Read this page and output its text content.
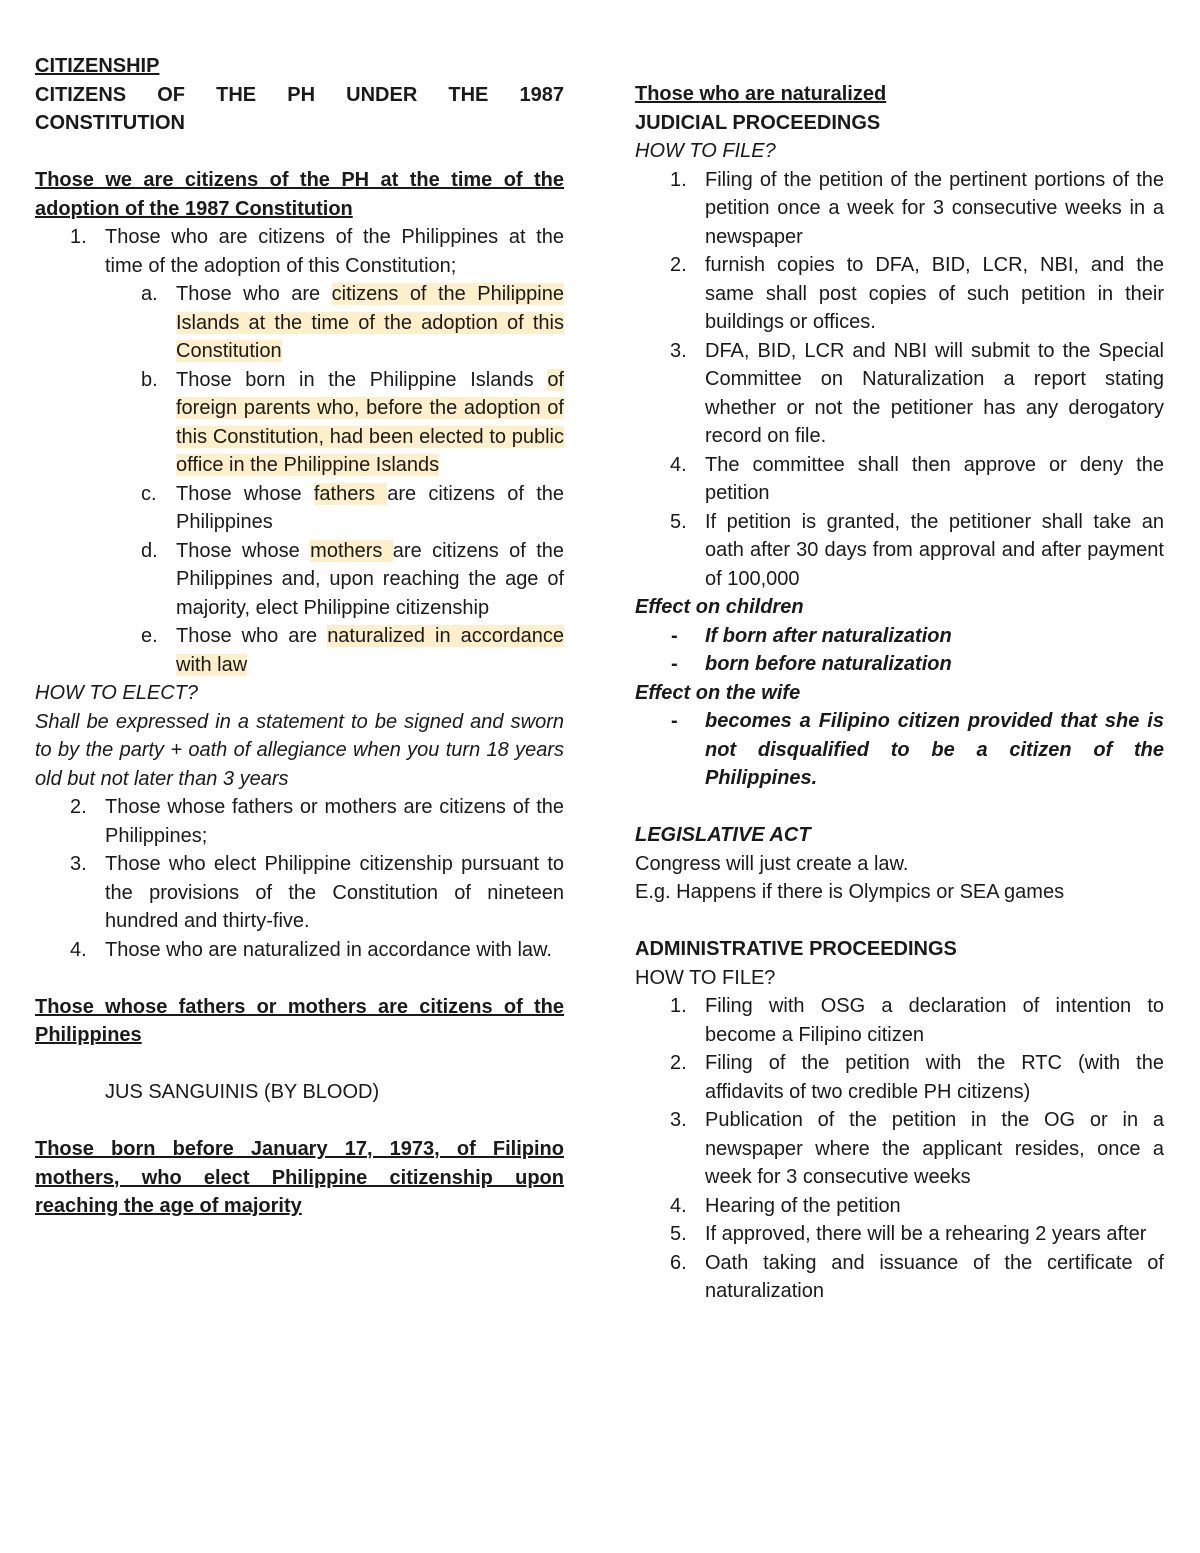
CITIZENSHIP

CITIZENS OF THE PH UNDER THE 1987

CONSTITUTION

Those we are citizens of the PH at the time of the

adoption of the 1987 Constitution

1. Those who are citizens of the Philippines at the time of the adoption of this Constitution;

a. Those who are citizens of the Philippine Islands at the time of the adoption of this Constitution

b. Those born in the Philippine Islands of foreign parents who, before the adoption of this Constitution, had been elected to public office in the Philippine Islands

c. Those whose fathers are citizens of the Philippines

d. Those whose mothers are citizens of the Philippines and, upon reaching the age of majority, elect Philippine citizenship

e. Those who are naturalized in accordance with law

HOW TO ELECT?

Shall be expressed in a statement to be signed and sworn to by the party + oath of allegiance when you turn 18 years old but not later than 3 years

2. Those whose fathers or mothers are citizens of the Philippines;

3. Those who elect Philippine citizenship pursuant to the provisions of the Constitution of nineteen hundred and thirty-five.

4. Those who are naturalized in accordance with law.

Those whose fathers or mothers are citizens of the

Philippines

JUS SANGUINIS (BY BLOOD)

Those born before January 17, 1973, of Filipino

mothers, who elect Philippine citizenship upon

reaching the age of majority

Those who are naturalized

JUDICIAL PROCEEDINGS

HOW TO FILE?

1. Filing of the petition of the pertinent portions of the petition once a week for 3 consecutive weeks in a newspaper

2. furnish copies to DFA, BID, LCR, NBI, and the same shall post copies of such petition in their buildings or offices.

3. DFA, BID, LCR and NBI will submit to the Special Committee on Naturalization a report stating whether or not the petitioner has any derogatory record on file.

4. The committee shall then approve or deny the petition

5. If petition is granted, the petitioner shall take an oath after 30 days from approval and after payment of 100,000

Effect on children

- If born after naturalization

- born before naturalization

Effect on the wife

- becomes a Filipino citizen provided that she is not disqualified to be a citizen of the Philippines.

LEGISLATIVE ACT

Congress will just create a law.

E.g. Happens if there is Olympics or SEA games

ADMINISTRATIVE PROCEEDINGS

HOW TO FILE?

1. Filing with OSG a declaration of intention to become a Filipino citizen

2. Filing of the petition with the RTC (with the affidavits of two credible PH citizens)

3. Publication of the petition in the OG or in a newspaper where the applicant resides, once a week for 3 consecutive weeks

4. Hearing of the petition

5. If approved, there will be a rehearing 2 years after

6. Oath taking and issuance of the certificate of naturalization
